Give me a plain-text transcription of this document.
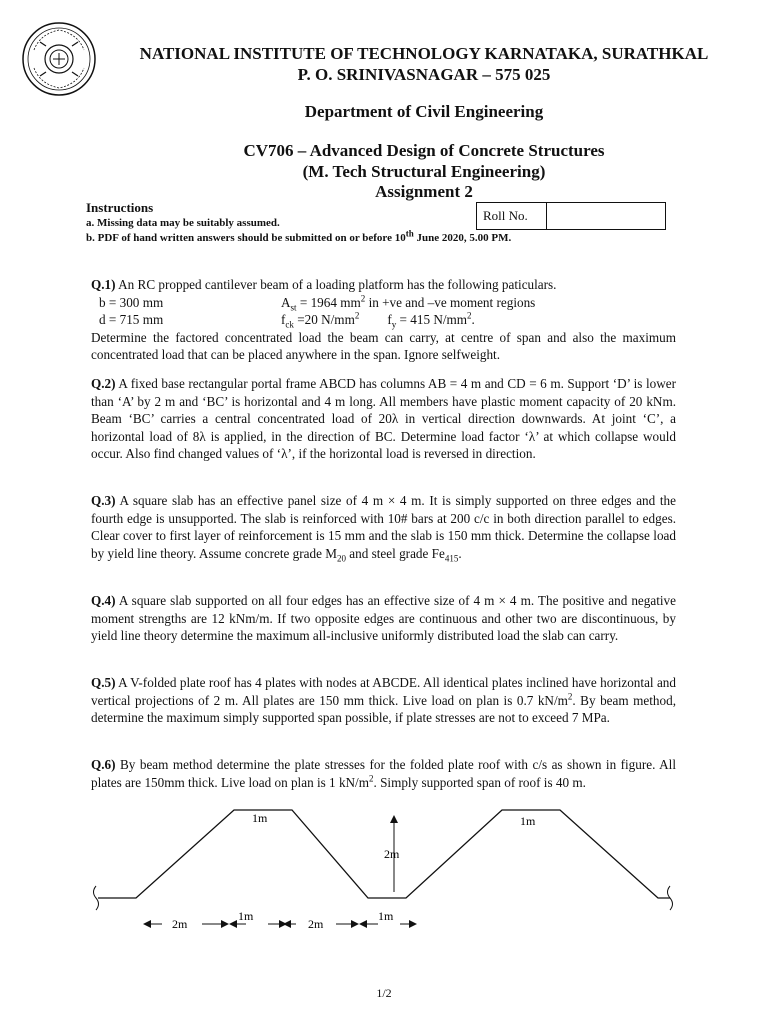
NATIONAL INSTITUTE OF TECHNOLOGY KARNATAKA, SURATHKAL
P. O. SRINIVASNAGAR – 575 025
Department of Civil Engineering
CV706 – Advanced Design of Concrete Structures
(M. Tech Structural Engineering)
Assignment 2
Instructions
a. Missing data may be suitably assumed.
b. PDF of hand written answers should be submitted on or before 10th June 2020, 5.00 PM.
Roll No.
Q.1) An RC propped cantilever beam of a loading platform has the following paticulars.
b = 300 mm	$A_{st} = 1964$ $mm^2$ in +ve and –ve moment regions
d = 715 mm	$f_{ck} =20$ $N/mm^2$ $f_y = 415$ $N/mm^2$.
Determine the factored concentrated load the beam can carry, at centre of span and also the maximum concentrated load that can be placed anywhere in the span. Ignore selfweight.
Q.2) A fixed base rectangular portal frame ABCD has columns AB = 4 m and CD = 6 m. Support ‘D’ is lower than ‘A’ by 2 m and ‘BC’ is horizontal and 4 m long. All members have plastic moment capacity of 20 kNm. Beam ‘BC’ carries a central concentrated load of 20λ in vertical direction downwards. At joint ‘C’, a horizontal load of 8λ is applied, in the direction of BC. Determine load factor ‘λ’ at which collapse would occur. Also find changed values of ‘λ’, if the horizontal load is reversed in direction.
Q.3) A square slab has an effective panel size of 4 m × 4 m. It is simply supported on three edges and the fourth edge is unsupported. The slab is reinforced with 10# bars at 200 c/c in both direction parallel to edges. Clear cover to first layer of reinforcement is 15 mm and the slab is 150 mm thick. Determine the collapse load by yield line theory. Assume concrete grade $M_{20}$ and steel grade $Fe_{415}$.
Q.4) A square slab supported on all four edges has an effective size of 4 m × 4 m. The positive and negative moment strengths are 12 kNm/m. If two opposite edges are continuous and other two are discontinuous, by yield line theory determine the maximum all-inclusive uniformly distributed load the slab can carry.
Q.5) A V-folded plate roof has 4 plates with nodes at ABCDE. All identical plates inclined have horizontal and vertical projections of 2 m. All plates are 150 mm thick. Live load on plan is 0.7 $kN/m^2$. By beam method, determine the maximum simply supported span possible, if plate stresses are not to exceed 7 MPa.
Q.6) By beam method determine the plate stresses for the folded plate roof with c/s as shown in figure. All plates are 150mm thick. Live load on plan is 1 $kN/m^2$. Simply supported span of roof is 40 m.
1m	1m
2m
2m
1m
2m
1m
1/2
